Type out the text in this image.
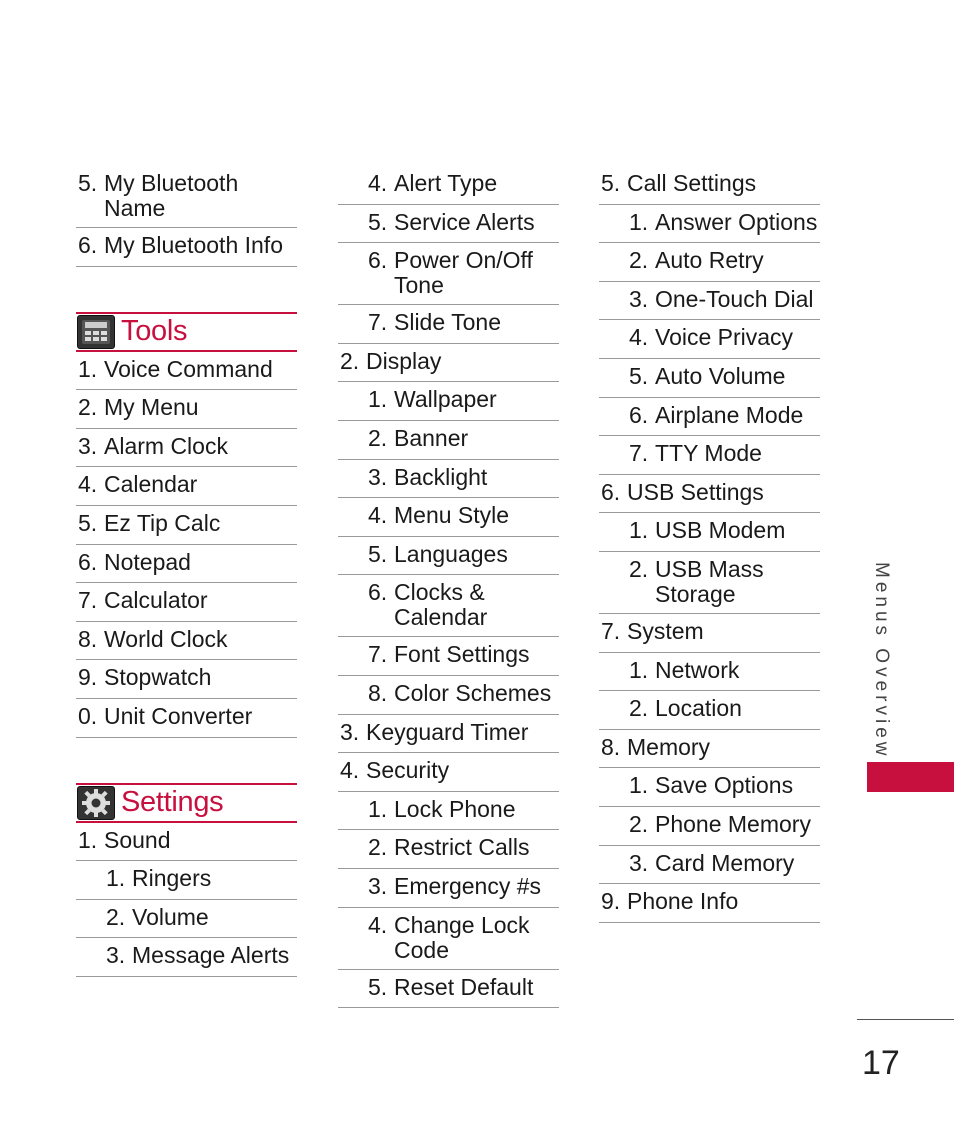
5. My Bluetooth Name
6. My Bluetooth Info
Tools
1. Voice Command
2. My Menu
3. Alarm Clock
4. Calendar
5. Ez Tip Calc
6. Notepad
7. Calculator
8. World Clock
9. Stopwatch
0. Unit Converter
Settings
1. Sound
1. Ringers
2. Volume
3. Message Alerts
4. Alert Type
5. Service Alerts
6. Power On/Off Tone
7. Slide Tone
2. Display
1. Wallpaper
2. Banner
3. Backlight
4. Menu Style
5. Languages
6. Clocks & Calendar
7. Font Settings
8. Color Schemes
3. Keyguard Timer
4. Security
1. Lock Phone
2. Restrict Calls
3. Emergency #s
4. Change Lock Code
5. Reset Default
5. Call Settings
1. Answer Options
2. Auto Retry
3. One-Touch Dial
4. Voice Privacy
5. Auto Volume
6. Airplane Mode
7. TTY Mode
6. USB Settings
1. USB Modem
2. USB Mass Storage
7. System
1. Network
2. Location
8. Memory
1. Save Options
2. Phone Memory
3. Card Memory
9. Phone Info
Menus Overview
17
